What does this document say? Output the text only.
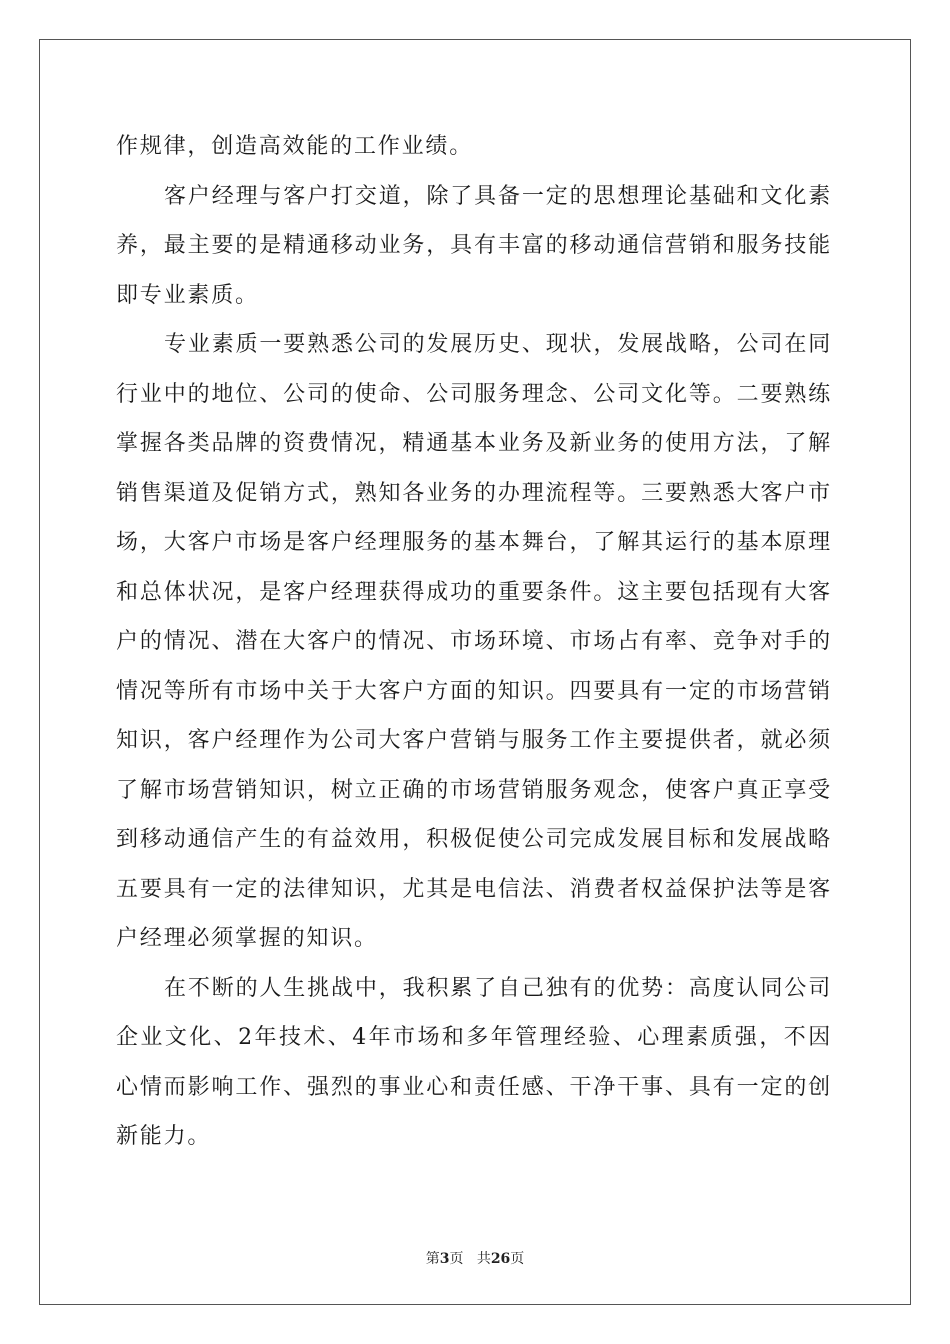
作规律，创造高效能的工作业绩。

客户经理与客户打交道，除了具备一定的思想理论基础和文化素养，最主要的是精通移动业务，具有丰富的移动通信营销和服务技能即专业素质。

专业素质一要熟悉公司的发展历史、现状，发展战略，公司在同行业中的地位、公司的使命、公司服务理念、公司文化等。二要熟练掌握各类品牌的资费情况，精通基本业务及新业务的使用方法，了解销售渠道及促销方式，熟知各业务的办理流程等。三要熟悉大客户市场，大客户市场是客户经理服务的基本舞台，了解其运行的基本原理和总体状况，是客户经理获得成功的重要条件。这主要包括现有大客户的情况、潜在大客户的情况、市场环境、市场占有率、竞争对手的情况等所有市场中关于大客户方面的知识。四要具有一定的市场营销知识，客户经理作为公司大客户营销与服务工作主要提供者，就必须了解市场营销知识，树立正确的市场营销服务观念，使客户真正享受到移动通信产生的有益效用，积极促使公司完成发展目标和发展战略五要具有一定的法律知识，尤其是电信法、消费者权益保护法等是客户经理必须掌握的知识。

在不断的人生挑战中，我积累了自己独有的优势：高度认同公司企业文化、2年技术、4年市场和多年管理经验、心理素质强，不因心情而影响工作、强烈的事业心和责任感、干净干事、具有一定的创新能力。

第3页 共26页
